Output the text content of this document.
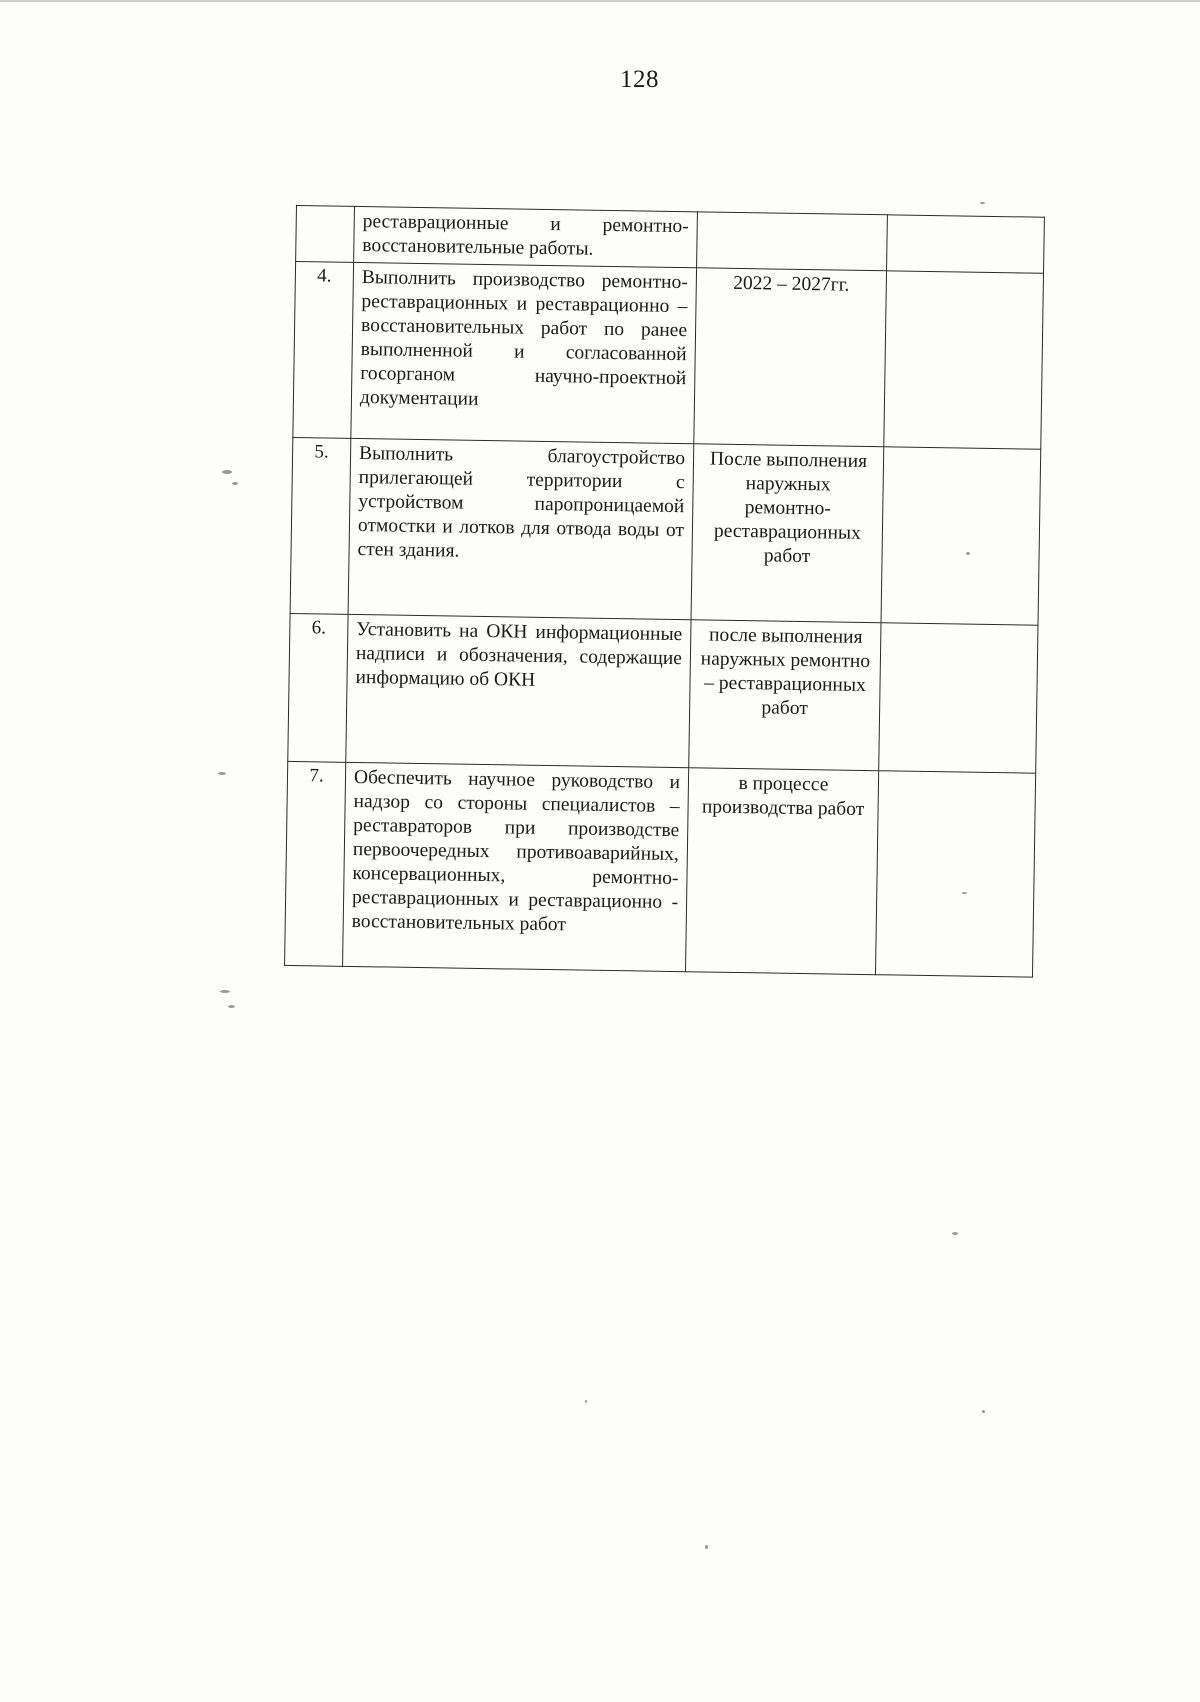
128
	реставрационные и ремонтно-восстановительные работы.		
4.	Выполнить производство ремонтно-реставрационных и реставрационно – восстановительных работ по ранее выполненной и согласованной госорганом научно-проектной документации	2022 – 2027гг.	
5.	Выполнить благоустройство прилегающей территории с устройством паропроницаемой отмостки и лотков для отвода воды от стен здания.	После выполнения наружных ремонтно-реставрационных работ	
6.	Установить на ОКН информационные надписи и обозначения, содержащие информацию об ОКН	после выполнения наружных ремонтно – реставрационных работ	
7.	Обеспечить научное руководство и надзор со стороны специалистов – реставраторов при производстве первоочередных противоаварийных, консервационных, ремонтно-реставрационных и реставрационно - восстановительных работ	в процессе производства работ	
